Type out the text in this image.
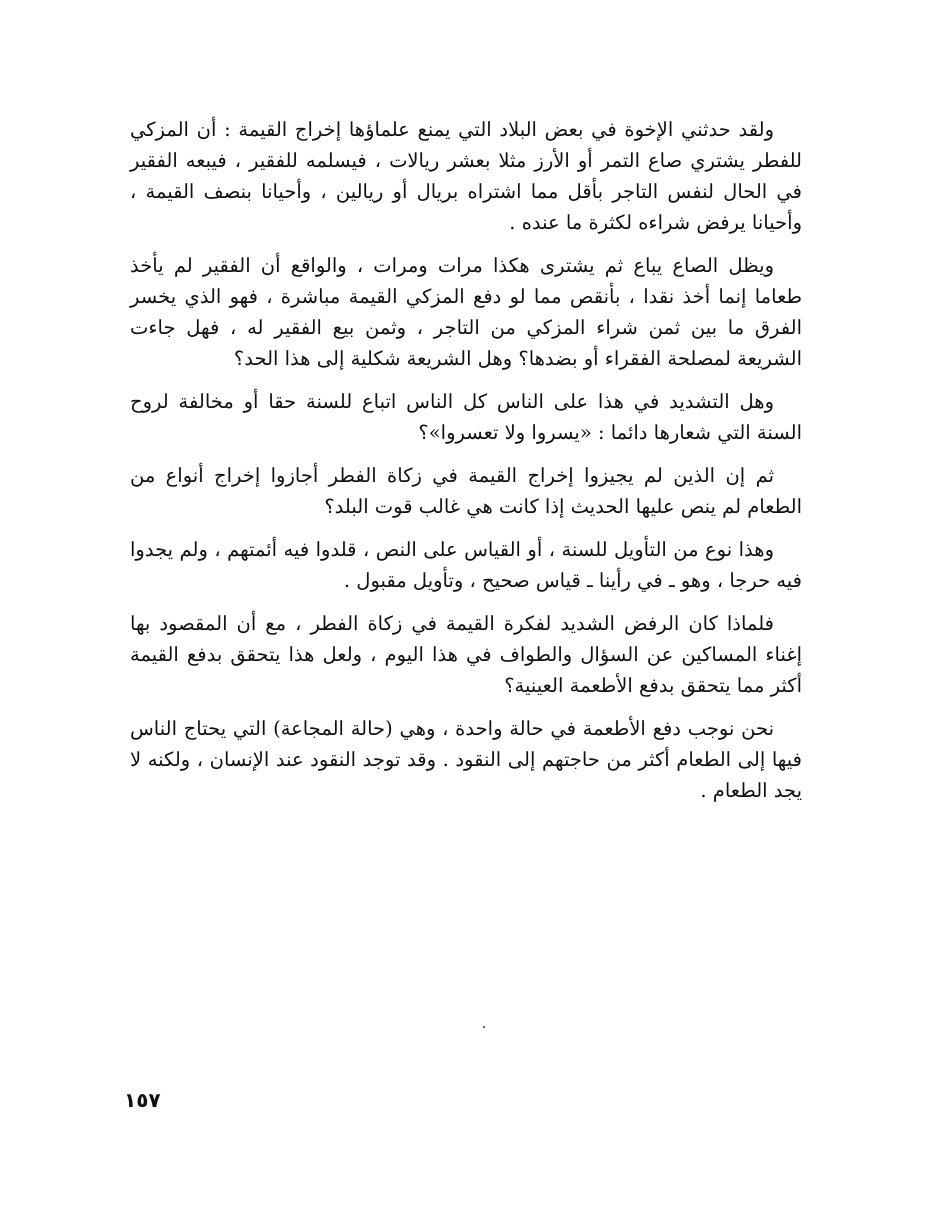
ولقد حدثني الإخوة في بعض البلاد التي يمنع علماؤها إخراج القيمة : أن المزكي للفطر يشتري صاع التمر أو الأرز مثلا بعشر ريالات ، فيسلمه للفقير ، فيبعه الفقير في الحال لنفس التاجر بأقل مما اشتراه بريال أو ريالين ، وأحيانا بنصف القيمة ، وأحيانا يرفض شراءه لكثرة ما عنده .

ويظل الصاع يباع ثم يشترى هكذا مرات ومرات ، والواقع أن الفقير لم يأخذ طعاما إنما أخذ نقدا ، بأنقص مما لو دفع المزكي القيمة مباشرة ، فهو الذي يخسر الفرق ما بين ثمن شراء المزكي من التاجر ، وثمن بيع الفقير له ، فهل جاءت الشريعة لمصلحة الفقراء أو بضدها؟ وهل الشريعة شكلية إلى هذا الحد؟

وهل التشديد في هذا على الناس كل الناس اتباع للسنة حقا أو مخالفة لروح السنة التي شعارها دائما : «يسروا ولا تعسروا»؟

ثم إن الذين لم يجيزوا إخراج القيمة في زكاة الفطر أجازوا إخراج أنواع من الطعام لم ينص عليها الحديث إذا كانت هي غالب قوت البلد؟

وهذا نوع من التأويل للسنة ، أو القياس على النص ، قلدوا فيه أئمتهم ، ولم يجدوا فيه حرجا ، وهو ـ في رأينا ـ قياس صحيح ، وتأويل مقبول .

فلماذا كان الرفض الشديد لفكرة القيمة في زكاة الفطر ، مع أن المقصود بها إغناء المساكين عن السؤال والطواف في هذا اليوم ، ولعل هذا يتحقق بدفع القيمة أكثر مما يتحقق بدفع الأطعمة العينية؟

نحن نوجب دفع الأطعمة في حالة واحدة ، وهي (حالة المجاعة) التي يحتاج الناس فيها إلى الطعام أكثر من حاجتهم إلى النقود . وقد توجد النقود عند الإنسان ، ولكنه لا يجد الطعام .

١٥٧
